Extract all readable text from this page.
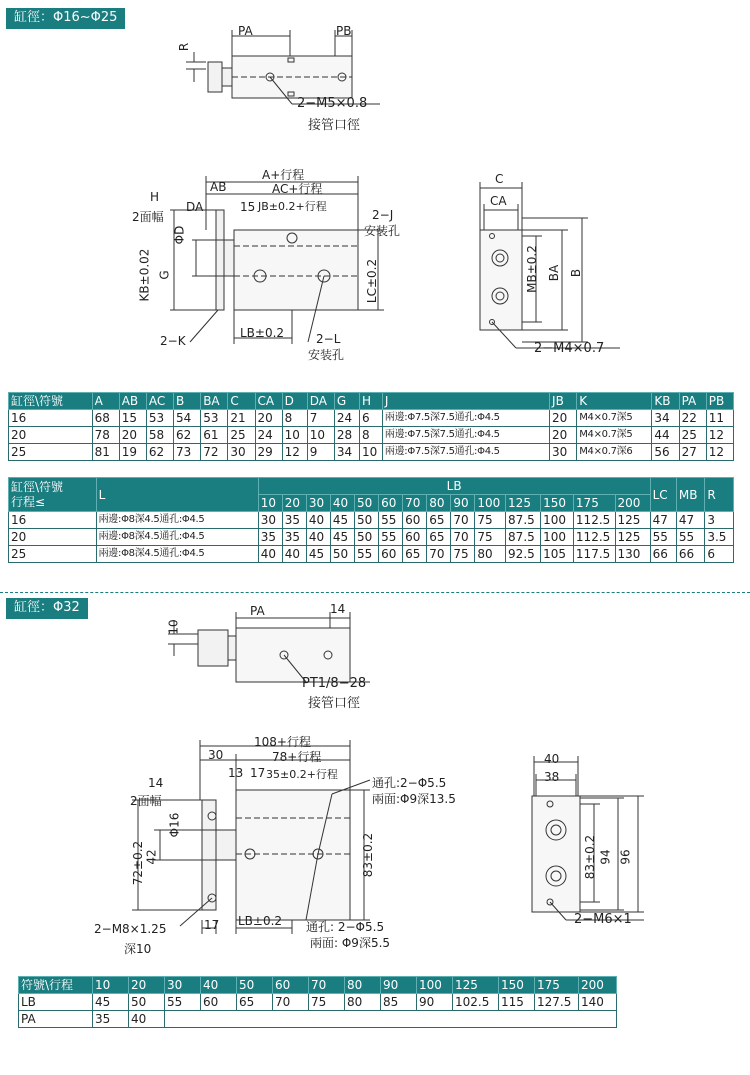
缸徑：Φ16~Φ25
PA	PB
R
2−M5×0.8
接管口徑
A+行程
AB	AC+行程
H
DA
2面幅
15 JB±0.2+行程
ΦD
KB±0.02 G	LC±0.2
2−J
安装孔
LB±0.2
2−K	2−L
安装孔
C
CA
MB±0.2 BA B
2−M4×0.7
缸徑\符號	A	AB	AC	B	BA	C	CA	D	DA	G	H	J	JB	K	KB	PA	PB
16	68	15	53	54	53	21	20	8	7	24	6	兩邊:Φ7.5深7.5通孔:Φ4.5	20	M4×0.7深5	34	22	11
20	78	20	58	62	61	25	24	10	10	28	8	兩邊:Φ7.5深7.5通孔:Φ4.5	20	M4×0.7深5	44	25	12
25	81	19	62	73	72	30	29	12	9	34	10	兩邊:Φ7.5深7.5通孔:Φ4.5	30	M4×0.7深6	56	27	12
缸徑\符號
行程≤	L	LB														LC	MB	R
		10	20	30	40	50	60	70	80	90	100	125	150	175	200			
16	兩邊:Φ8深4.5通孔:Φ4.5	30	35	40	45	50	55	60	65	70	75	87.5	100	112.5	125	47	47	3
20	兩邊:Φ8深4.5通孔:Φ4.5	35	35	40	45	50	55	60	65	70	75	87.5	100	112.5	125	55	55	3.5
25	兩邊:Φ8深4.5通孔:Φ4.5	40	40	45	50	55	60	65	70	75	80	92.5	105	117.5	130	66	66	6
缸徑：Φ32	PA	14
10
PT1/8−28
接管口徑
108+行程
30	78+行程
13 17 35±0.2+行程
14
2面幅
Φ16
72±0.2 42	83±0.2
通孔:2−Φ5.5
兩面:Φ9深13.5
17 LB±0.2 通孔: 2−Φ5.5
兩面: Φ9深5.5
2−M8×1.25
深10
40
38
83±0.2 94 96
2−M6×1
符號\行程	10	20	30	40	50	60	70	80	90	100	125	150	175	200
LB	45	50	55	60	65	70	75	80	85	90	102.5	115	127.5	140
PA	35	40												
